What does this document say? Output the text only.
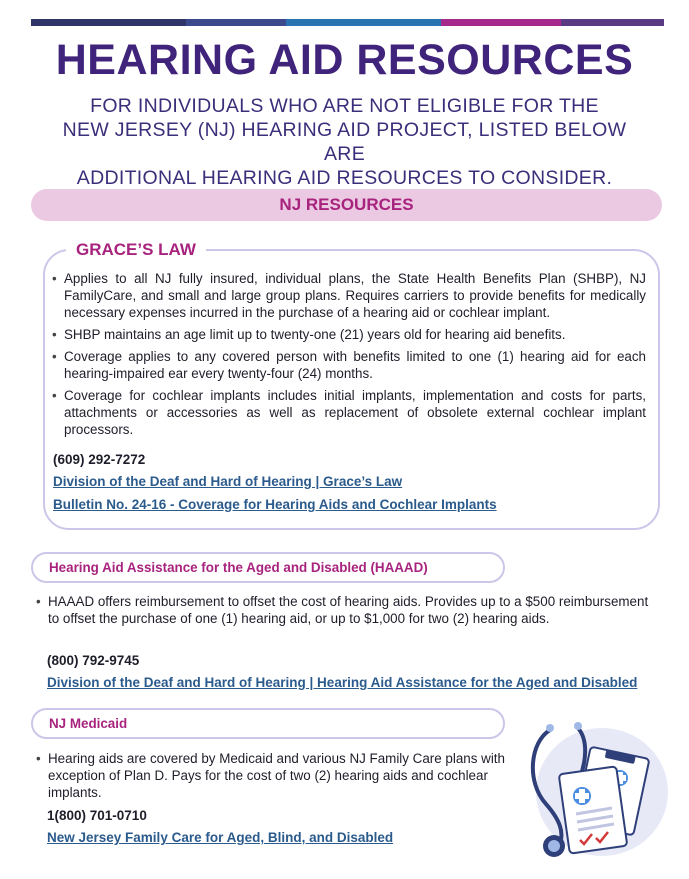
HEARING AID RESOURCES

FOR INDIVIDUALS WHO ARE NOT ELIGIBLE FOR THE
NEW JERSEY (NJ) HEARING AID PROJECT, LISTED BELOW ARE
ADDITIONAL HEARING AID RESOURCES TO CONSIDER.

NJ RESOURCES
GRACE’S LAW
• Applies to all NJ fully insured, individual plans, the State Health Benefits Plan (SHBP), NJ FamilyCare, and small and large group plans. Requires carriers to provide benefits for medically necessary expenses incurred in the purchase of a hearing aid or cochlear implant.
• SHBP maintains an age limit up to twenty-one (21) years old for hearing aid benefits.
• Coverage applies to any covered person with benefits limited to one (1) hearing aid for each hearing-impaired ear every twenty-four (24) months.
• Coverage for cochlear implants includes initial implants, implementation and costs for parts, attachments or accessories as well as replacement of obsolete external cochlear implant processors.
(609) 292-7272
Division of the Deaf and Hard of Hearing | Grace’s Law
Bulletin No. 24-16 - Coverage for Hearing Aids and Cochlear Implants
Hearing Aid Assistance for the Aged and Disabled (HAAAD)
• HAAAD offers reimbursement to offset the cost of hearing aids. Provides up to a $500 reimbursement to offset the purchase of one (1) hearing aid, or up to $1,000 for two (2) hearing aids.
(800) 792-9745
Division of the Deaf and Hard of Hearing | Hearing Aid Assistance for the Aged and Disabled
NJ Medicaid
• Hearing aids are covered by Medicaid and various NJ Family Care plans with exception of Plan D. Pays for the cost of two (2) hearing aids and cochlear implants.
1(800) 701-0710
New Jersey Family Care for Aged, Blind, and Disabled
